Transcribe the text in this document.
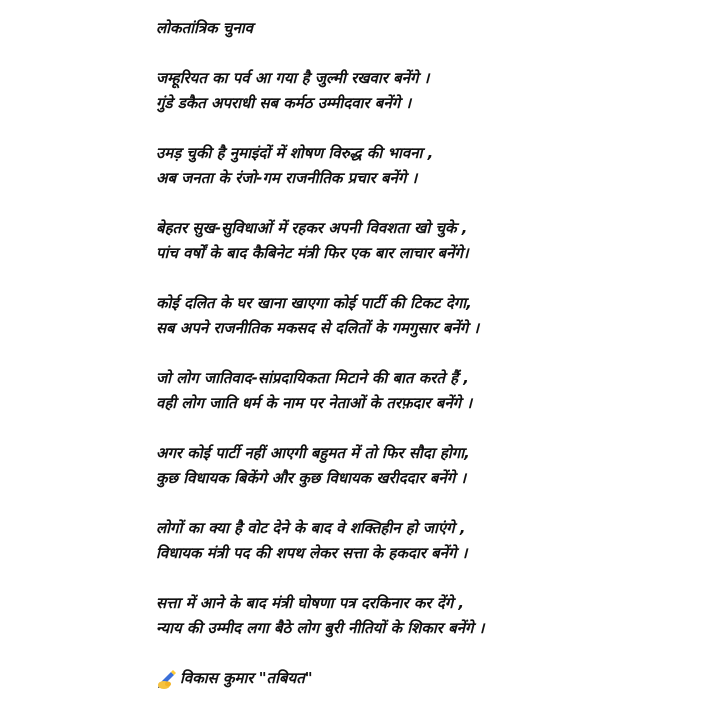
लोकतांत्रिक चुनाव
जम्हूरियत का पर्व आ गया है जुल्मी रखवार बनेंगे ।
गुंडे डकैत अपराधी सब कर्मठ उम्मीदवार बनेंगे ।
उमड़ चुकी है नुमाइंदों में शोषण विरुद्ध की भावना ,
अब जनता के रंजो-गम राजनीतिक प्रचार बनेंगे ।
बेहतर सुख-सुविधाओं में रहकर अपनी विवशता खो चुके ,
पांच वर्षों के बाद कैबिनेट मंत्री फिर एक बार लाचार बनेंगे।
कोई दलित के घर खाना खाएगा कोई पार्टी की टिकट देगा,
सब अपने राजनीतिक मकसद से दलितों के गमगुसार बनेंगे ।
जो लोग जातिवाद-सांप्रदायिकता मिटाने की बात करते हैं ,
वही लोग जाति धर्म के नाम पर नेताओं के तरफ़दार बनेंगे ।
अगर कोई पार्टी नहीं आएगी बहुमत में तो फिर सौदा होगा,
कुछ विधायक बिकेंगे और कुछ विधायक खरीददार बनेंगे ।
लोगों का क्या है वोट देने के बाद वे शक्तिहीन हो जाएंगे ,
विधायक मंत्री पद की शपथ लेकर सत्ता के हकदार बनेंगे ।
सत्ता में आने के बाद मंत्री घोषणा पत्र दरकिनार कर देंगे ,
न्याय की उम्मीद लगा बैठे लोग बुरी नीतियों के शिकार बनेंगे ।
विकास कुमार "तबियत"
